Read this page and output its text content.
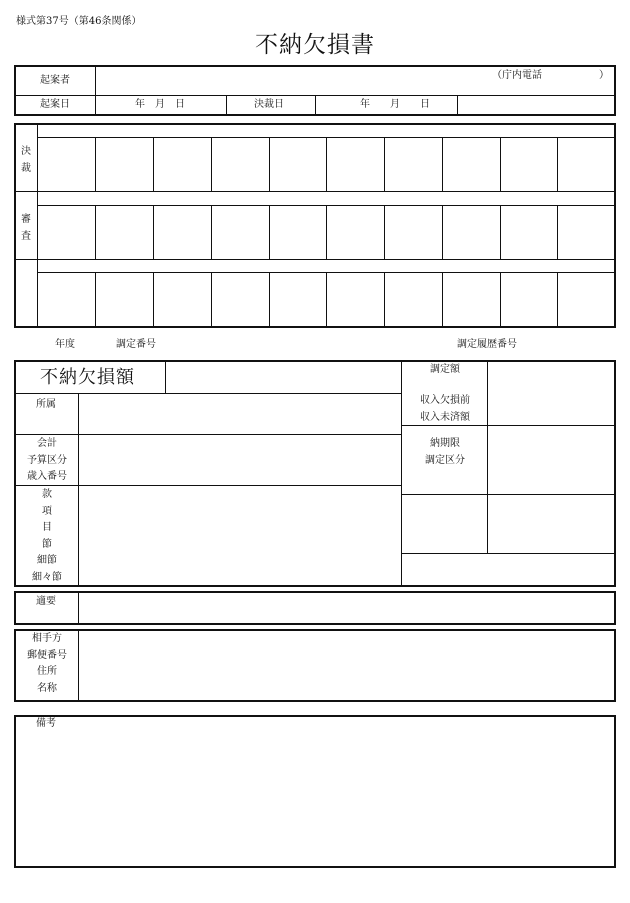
様式第37号（第46条関係）
不納欠損書
起案者	（庁内電話	）
起案日	年　月　日	決裁日	年　　月　　日
決
裁
審
査
年度	調定番号	調定履歴番号
不納欠損額
所属
会計
予算区分
歳入番号
款
項
目
節
細節
細々節
調定額
収入欠損前
収入未済額
納期限
調定区分
適要
相手方
郵便番号
住所
名称
備考
